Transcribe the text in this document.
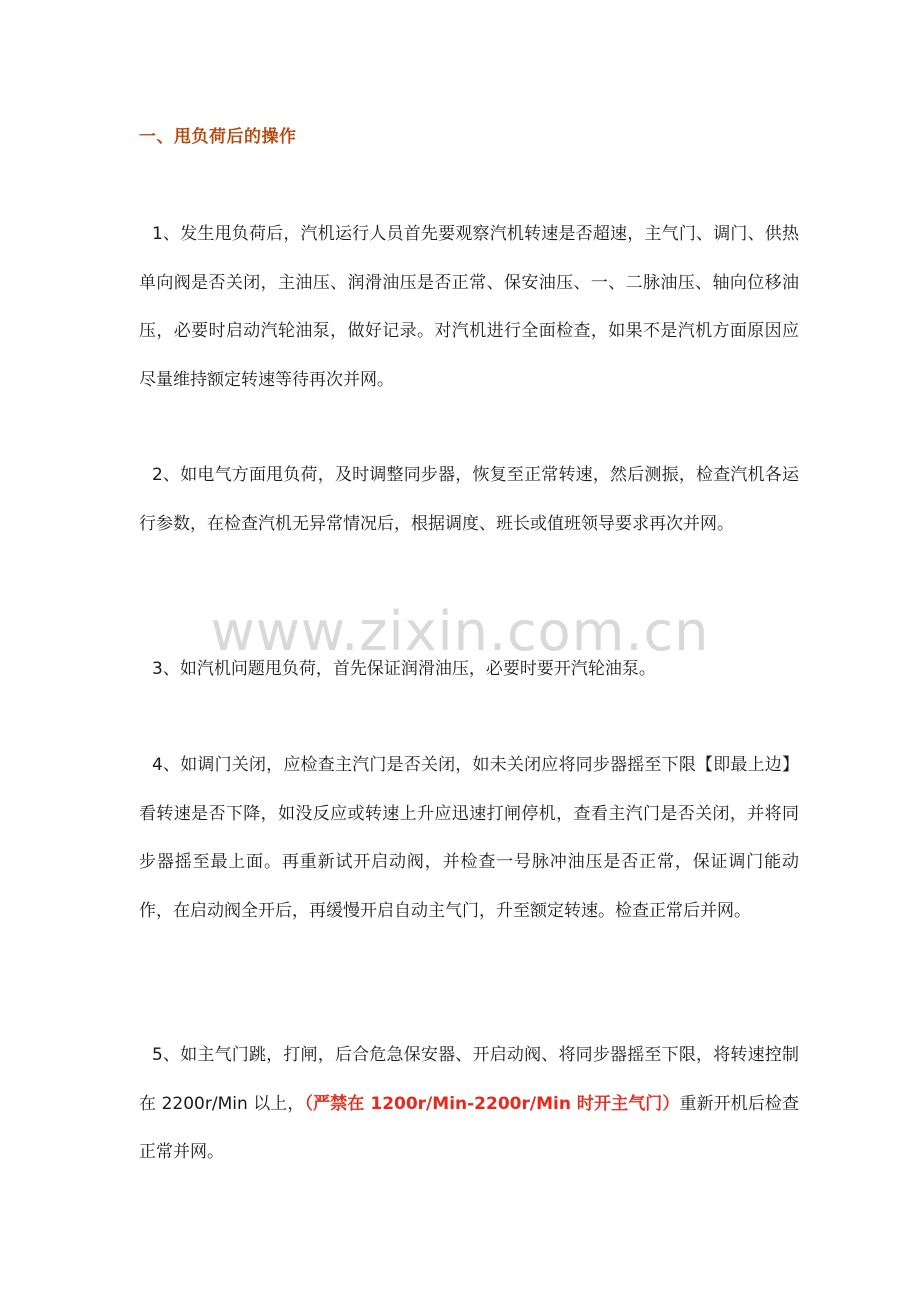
www.zixin.com.cn
一、甩负荷后的操作

1、发生甩负荷后，汽机运行人员首先要观察汽机转速是否超速，主气门、调门、供热单向阀是否关闭，主油压、润滑油压是否正常、保安油压、一、二脉油压、轴向位移油压，必要时启动汽轮油泵，做好记录。对汽机进行全面检查，如果不是汽机方面原因应尽量维持额定转速等待再次并网。

2、如电气方面甩负荷，及时调整同步器，恢复至正常转速，然后测振，检查汽机各运行参数，在检查汽机无异常情况后，根据调度、班长或值班领导要求再次并网。

3、如汽机问题甩负荷，首先保证润滑油压，必要时要开汽轮油泵。

4、如调门关闭，应检查主汽门是否关闭，如未关闭应将同步器摇至下限【即最上边】看转速是否下降，如没反应或转速上升应迅速打闸停机，查看主汽门是否关闭，并将同步器摇至最上面。再重新试开启动阀，并检查一号脉冲油压是否正常，保证调门能动作，在启动阀全开后，再缓慢开启自动主气门，升至额定转速。检查正常后并网。

5、如主气门跳，打闸，后合危急保安器、开启动阀、将同步器摇至下限，将转速控制在 2200r/Min 以上，（严禁在 1200r/Min-2200r/Min 时开主气门）重新开机后检查正常并网。
